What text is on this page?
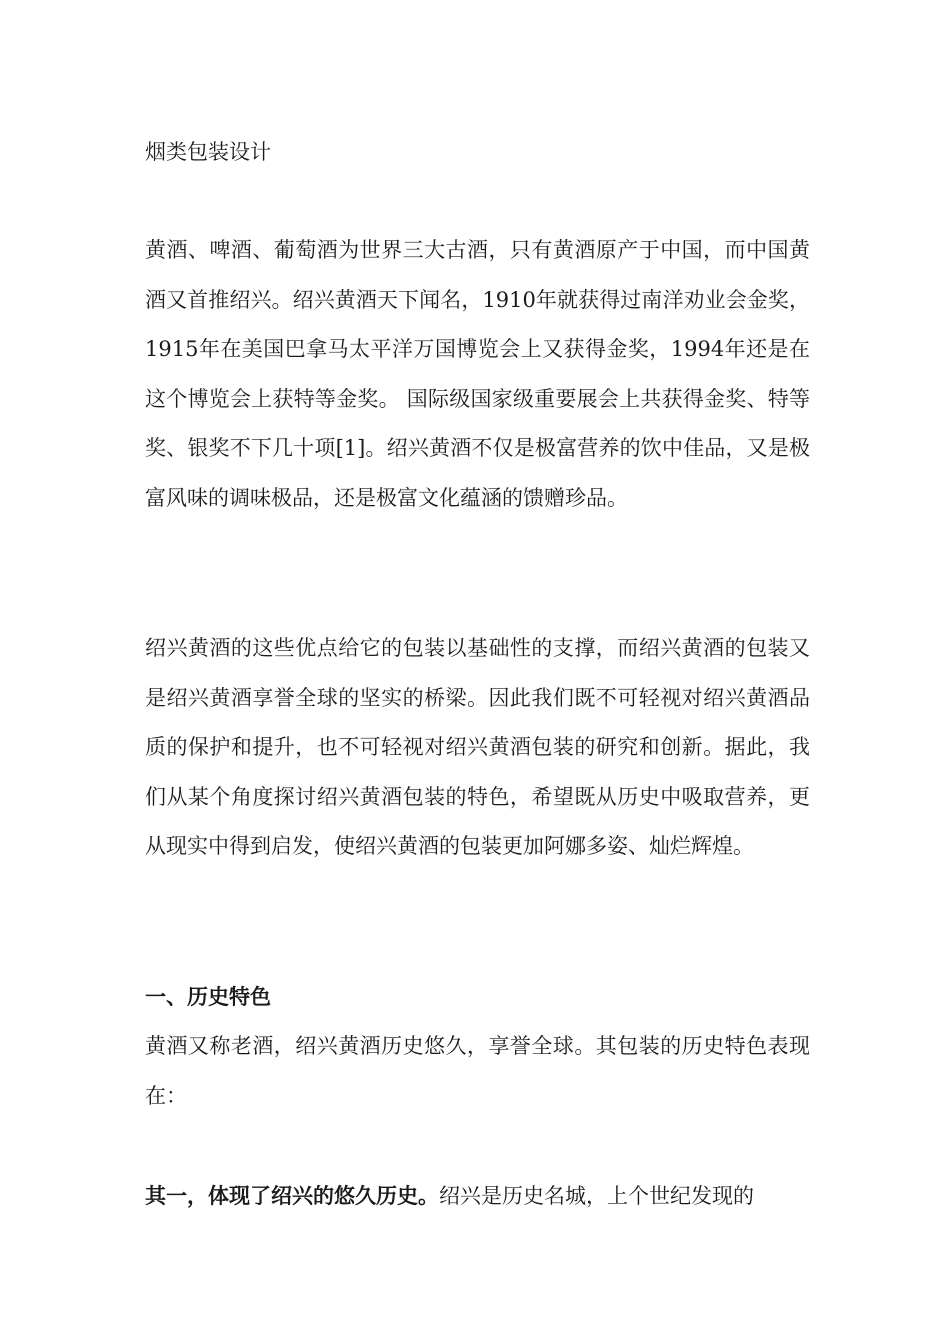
烟类包装设计

黄酒、啤酒、葡萄酒为世界三大古酒，只有黄酒原产于中国，而中国黄酒又首推绍兴。绍兴黄酒天下闻名，1910年就获得过南洋劝业会金奖，1915年在美国巴拿马太平洋万国博览会上又获得金奖，1994年还是在这个博览会上获特等金奖。 国际级国家级重要展会上共获得金奖、特等奖、银奖不下几十项[1]。绍兴黄酒不仅是极富营养的饮中佳品，又是极富风味的调味极品，还是极富文化蕴涵的馈赠珍品。

绍兴黄酒的这些优点给它的包装以基础性的支撑，而绍兴黄酒的包装又是绍兴黄酒享誉全球的坚实的桥梁。因此我们既不可轻视对绍兴黄酒品质的保护和提升，也不可轻视对绍兴黄酒包装的研究和创新。据此，我们从某个角度探讨绍兴黄酒包装的特色，希望既从历史中吸取营养，更从现实中得到启发，使绍兴黄酒的包装更加阿娜多姿、灿烂辉煌。

一、历史特色

黄酒又称老酒，绍兴黄酒历史悠久，享誉全球。其包装的历史特色表现在：

其一，体现了绍兴的悠久历史。绍兴是历史名城，上个世纪发现的
